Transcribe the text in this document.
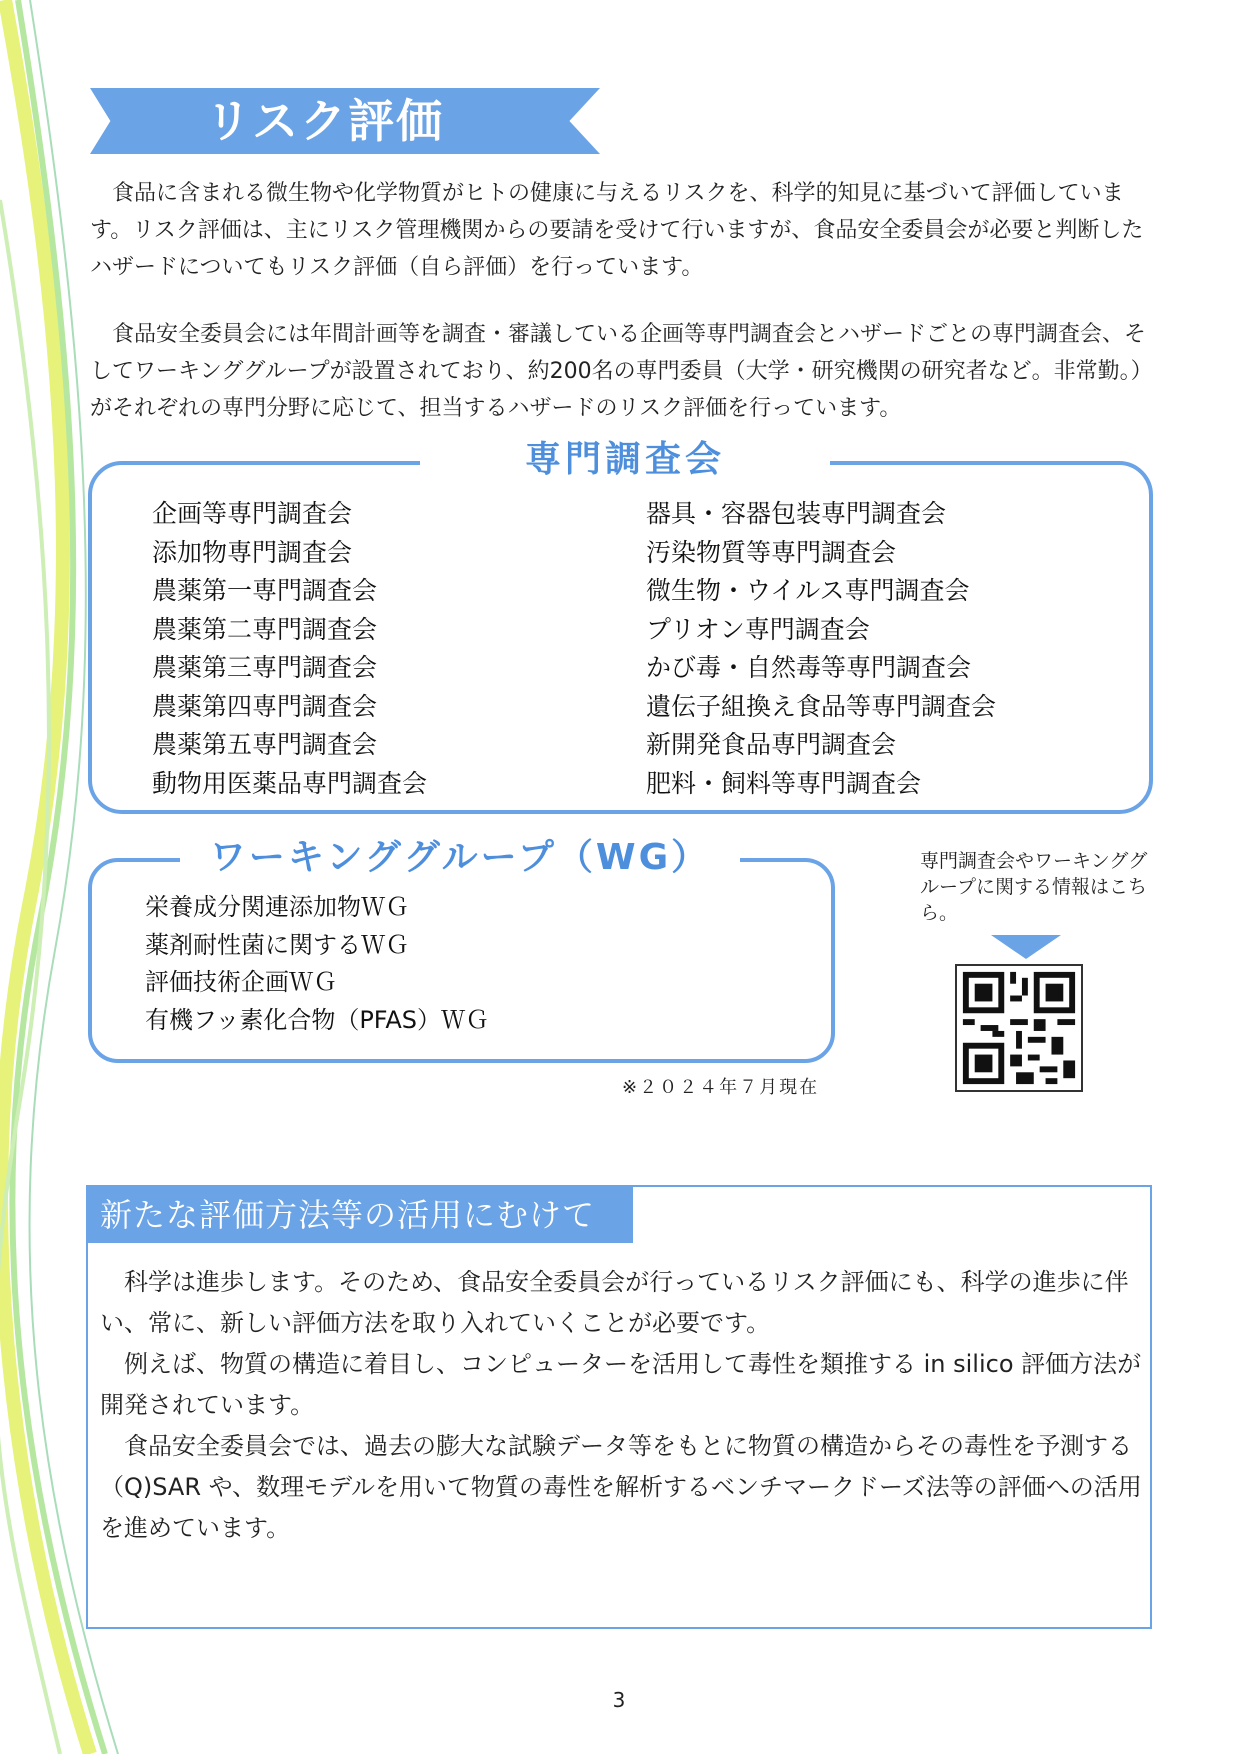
リスク評価

食品に含まれる微生物や化学物質がヒトの健康に与えるリスクを、科学的知見に基づいて評価しています。リスク評価は、主にリスク管理機関からの要請を受けて行いますが、食品安全委員会が必要と判断したハザードについてもリスク評価（自ら評価）を行っています。

食品安全委員会には年間計画等を調査・審議している企画等専門調査会とハザードごとの専門調査会、そしてワーキンググループが設置されており、約200名の専門委員（大学・研究機関の研究者など。非常勤。）がそれぞれの専門分野に応じて、担当するハザードのリスク評価を行っています。

専門調査会
企画等専門調査会
添加物専門調査会
農薬第一専門調査会
農薬第二専門調査会
農薬第三専門調査会
農薬第四専門調査会
農薬第五専門調査会
動物用医薬品専門調査会
器具・容器包装専門調査会
汚染物質等専門調査会
微生物・ウイルス専門調査会
プリオン専門調査会
かび毒・自然毒等専門調査会
遺伝子組換え食品等専門調査会
新開発食品専門調査会
肥料・飼料等専門調査会
ワーキンググループ（WG）
栄養成分関連添加物ＷＧ
薬剤耐性菌に関するＷＧ
評価技術企画ＷＧ
有機フッ素化合物（PFAS）ＷＧ
※２０２４年７月現在
専門調査会やワーキンググループに関する情報はこちら。
新たな評価方法等の活用にむけて

科学は進歩します。そのため、食品安全委員会が行っているリスク評価にも、科学の進歩に伴い、常に、新しい評価方法を取り入れていくことが必要です。

例えば、物質の構造に着目し、コンピューターを活用して毒性を類推する in silico 評価方法が開発されています。

食品安全委員会では、過去の膨大な試験データ等をもとに物質の構造からその毒性を予測する（Q)SAR や、数理モデルを用いて物質の毒性を解析するベンチマークドーズ法等の評価への活用を進めています。

3
